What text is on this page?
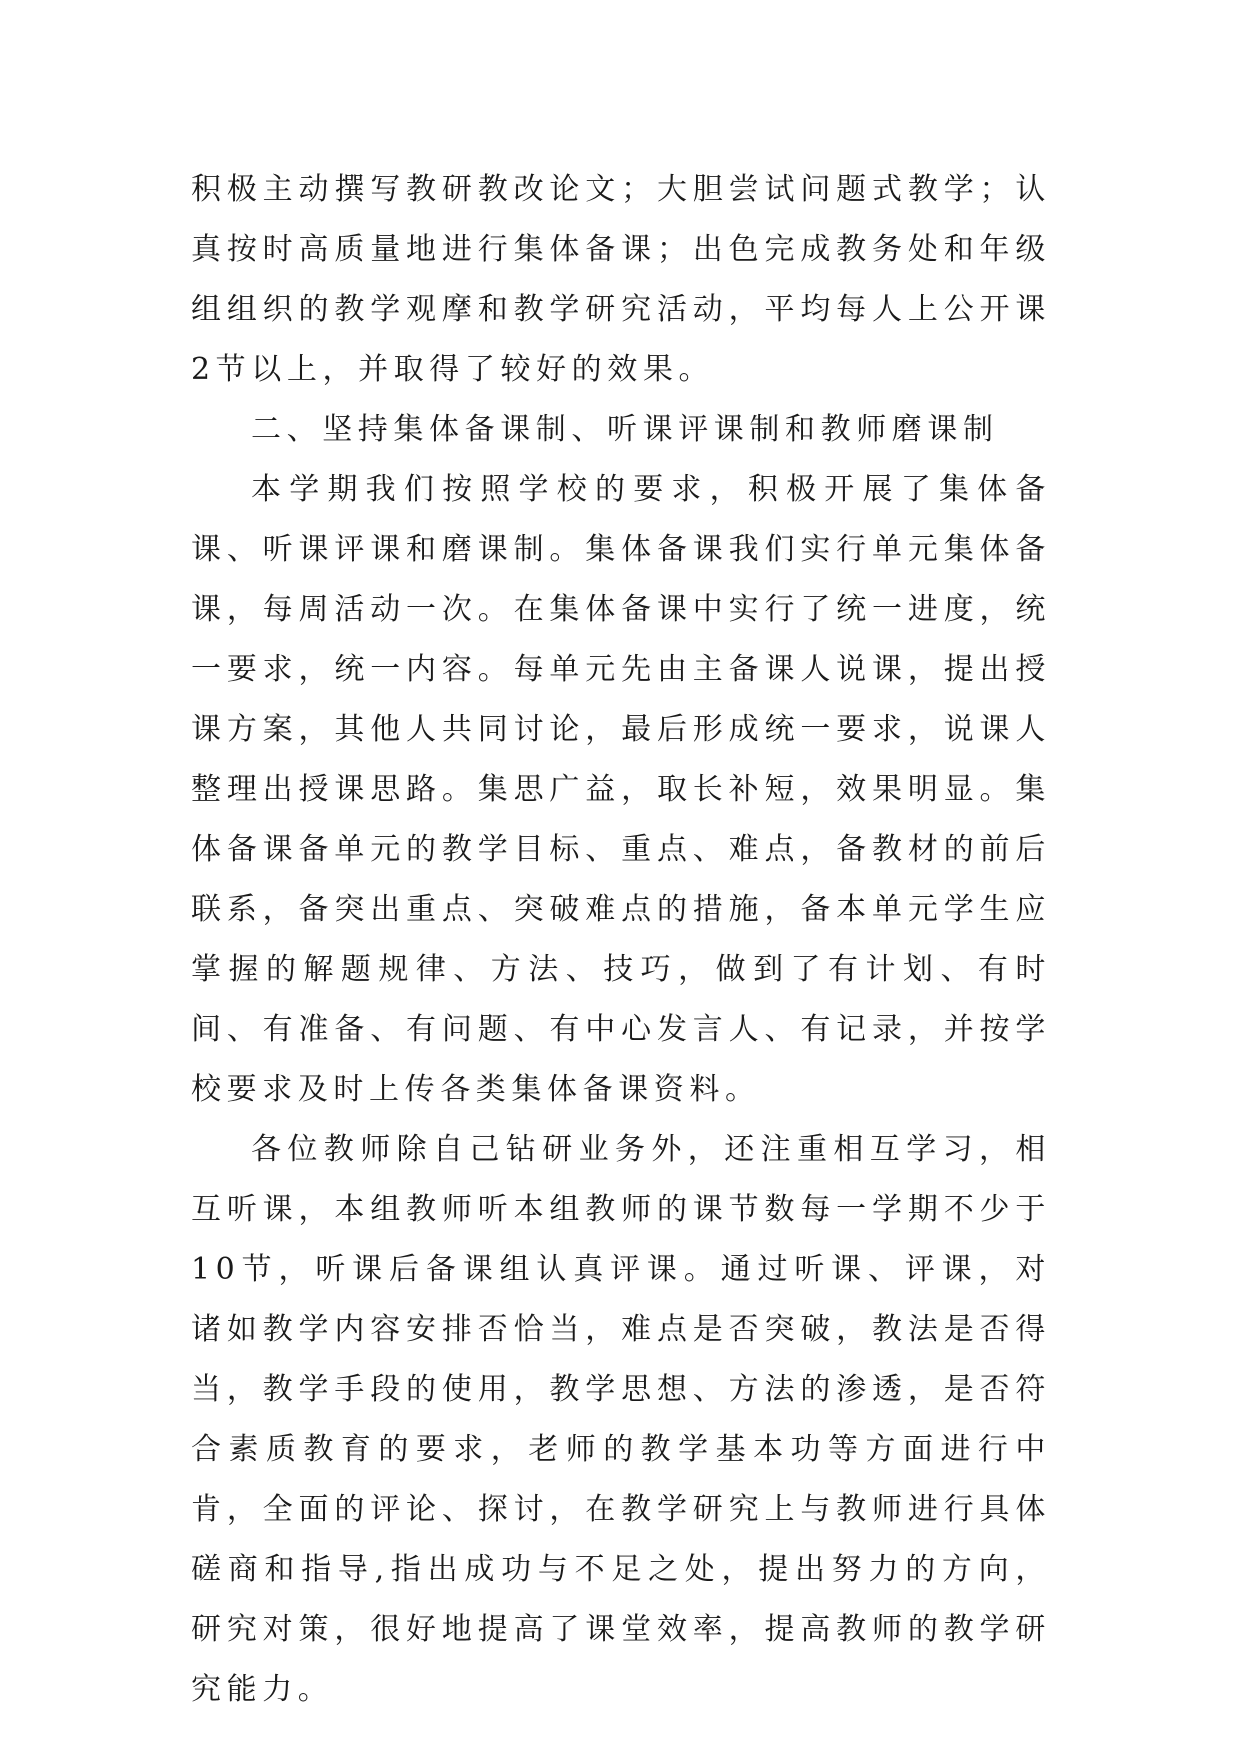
积极主动撰写教研教改论文；大胆尝试问题式教学；认真按时高质量地进行集体备课；出色完成教务处和年级组组织的教学观摩和教学研究活动，平均每人上公开课2节以上，并取得了较好的效果。

二、坚持集体备课制、听课评课制和教师磨课制

本学期我们按照学校的要求，积极开展了集体备课、听课评课和磨课制。集体备课我们实行单元集体备课，每周活动一次。在集体备课中实行了统一进度，统一要求，统一内容。每单元先由主备课人说课，提出授课方案，其他人共同讨论，最后形成统一要求，说课人整理出授课思路。集思广益，取长补短，效果明显。集体备课备单元的教学目标、重点、难点，备教材的前后联系，备突出重点、突破难点的措施，备本单元学生应掌握的解题规律、方法、技巧，做到了有计划、有时间、有准备、有问题、有中心发言人、有记录，并按学校要求及时上传各类集体备课资料。

各位教师除自己钻研业务外，还注重相互学习，相互听课，本组教师听本组教师的课节数每一学期不少于10节，听课后备课组认真评课。通过听课、评课，对诸如教学内容安排否恰当，难点是否突破，教法是否得当，教学手段的使用，教学思想、方法的渗透，是否符合素质教育的要求，老师的教学基本功等方面进行中肯，全面的评论、探讨，在教学研究上与教师进行具体磋商和指导,指出成功与不足之处，提出努力的方向，研究对策，很好地提高了课堂效率，提高教师的教学研究能力。
